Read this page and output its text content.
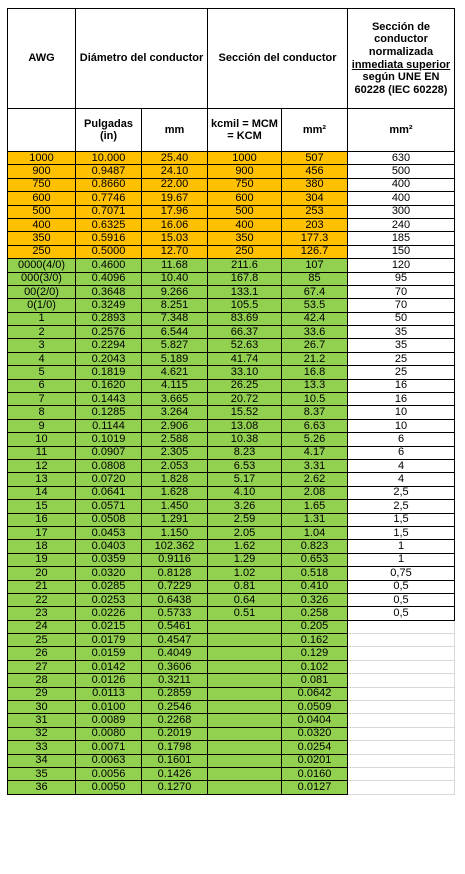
AWG	Diámetro del conductor		Sección del conductor		Sección de conductor normalizada inmediata superior según UNE EN 60228 (IEC 60228)
	Pulgadas (in)	mm	kcmil = MCM = KCM	mm²	mm²
1000	10.000	25.40	1000	507	630
900	0.9487	24.10	900	456	500
750	0.8660	22.00	750	380	400
600	0.7746	19.67	600	304	400
500	0.7071	17.96	500	253	300
400	0.6325	16.06	400	203	240
350	0.5916	15.03	350	177.3	185
250	0.5000	12.70	250	126.7	150
0000(4/0)	0.4600	11.68	211.6	107	120
000(3/0)	0.4096	10.40	167.8	85	95
00(2/0)	0.3648	9.266	133.1	67.4	70
0(1/0)	0.3249	8.251	105.5	53.5	70
1	0.2893	7.348	83.69	42.4	50
2	0.2576	6.544	66.37	33.6	35
3	0.2294	5.827	52.63	26.7	35
4	0.2043	5.189	41.74	21.2	25
5	0.1819	4.621	33.10	16.8	25
6	0.1620	4.115	26.25	13.3	16
7	0.1443	3.665	20.72	10.5	16
8	0.1285	3.264	15.52	8.37	10
9	0.1144	2.906	13.08	6.63	10
10	0.1019	2.588	10.38	5.26	6
11	0.0907	2.305	8.23	4.17	6
12	0.0808	2.053	6.53	3.31	4
13	0.0720	1.828	5.17	2.62	4
14	0.0641	1.628	4.10	2.08	2,5
15	0.0571	1.450	3.26	1.65	2,5
16	0.0508	1.291	2.59	1.31	1,5
17	0.0453	1.150	2.05	1.04	1,5
18	0.0403	102.362	1.62	0.823	1
19	0.0359	0.9116	1.29	0.653	1
20	0.0320	0.8128	1.02	0.518	0,75
21	0.0285	0.7229	0.81	0.410	0,5
22	0.0253	0.6438	0.64	0.326	0,5
23	0.0226	0.5733	0.51	0.258	0,5
24	0.0215	0.5461		0.205	
25	0.0179	0.4547		0.162	
26	0.0159	0.4049		0.129	
27	0.0142	0.3606		0.102	
28	0.0126	0.3211		0.081	
29	0.0113	0.2859		0.0642	
30	0.0100	0.2546		0.0509	
31	0.0089	0.2268		0.0404	
32	0.0080	0.2019		0.0320	
33	0.0071	0.1798		0.0254	
34	0.0063	0.1601		0.0201	
35	0.0056	0.1426		0.0160	
36	0.0050	0.1270		0.0127	
